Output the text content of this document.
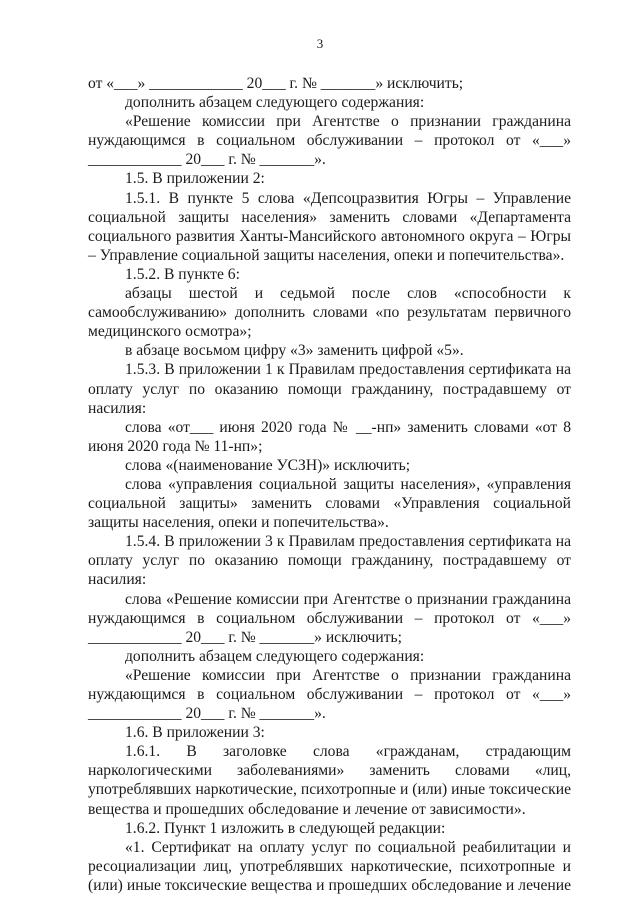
3

от «___» ____________ 20___ г. № _______» исключить;

дополнить абзацем следующего содержания:

«Решение комиссии при Агентстве о признании гражданина нуждающимся в социальном обслуживании – протокол от «___» ____________ 20___ г. № _______».

1.5. В приложении 2:

1.5.1. В пункте 5 слова «Депсоцразвития Югры – Управление социальной защиты населения» заменить словами «Департамента социального развития Ханты-Мансийского автономного округа – Югры – Управление социальной защиты населения, опеки и попечительства».

1.5.2. В пункте 6:

абзацы шестой и седьмой после слов «способности к самообслуживанию» дополнить словами «по результатам первичного медицинского осмотра»;

в абзаце восьмом цифру «3» заменить цифрой «5».

1.5.3. В приложении 1 к Правилам предоставления сертификата на оплату услуг по оказанию помощи гражданину, пострадавшему от насилия:

слова «от___ июня 2020 года № __-нп» заменить словами «от 8 июня 2020 года № 11-нп»;

слова «(наименование УСЗН)» исключить;

слова «управления социальной защиты населения», «управления социальной защиты» заменить словами «Управления социальной защиты населения, опеки и попечительства».

1.5.4. В приложении 3 к Правилам предоставления сертификата на оплату услуг по оказанию помощи гражданину, пострадавшему от насилия:

слова «Решение комиссии при Агентстве о признании гражданина нуждающимся в социальном обслуживании – протокол от «___» ____________ 20___ г. № _______» исключить;

дополнить абзацем следующего содержания:

«Решение комиссии при Агентстве о признании гражданина нуждающимся в социальном обслуживании – протокол от «___» ____________ 20___ г. № _______».

1.6. В приложении 3:

1.6.1. В заголовке слова «гражданам, страдающим наркологическими заболеваниями» заменить словами «лиц, употреблявших наркотические, психотропные и (или) иные токсические вещества и прошедших обследование и лечение от зависимости».

1.6.2. Пункт 1 изложить в следующей редакции:

«1. Сертификат на оплату услуг по социальной реабилитации и ресоциализации лиц, употреблявших наркотические, психотропные и (или) иные токсические вещества и прошедших обследование и лечение
